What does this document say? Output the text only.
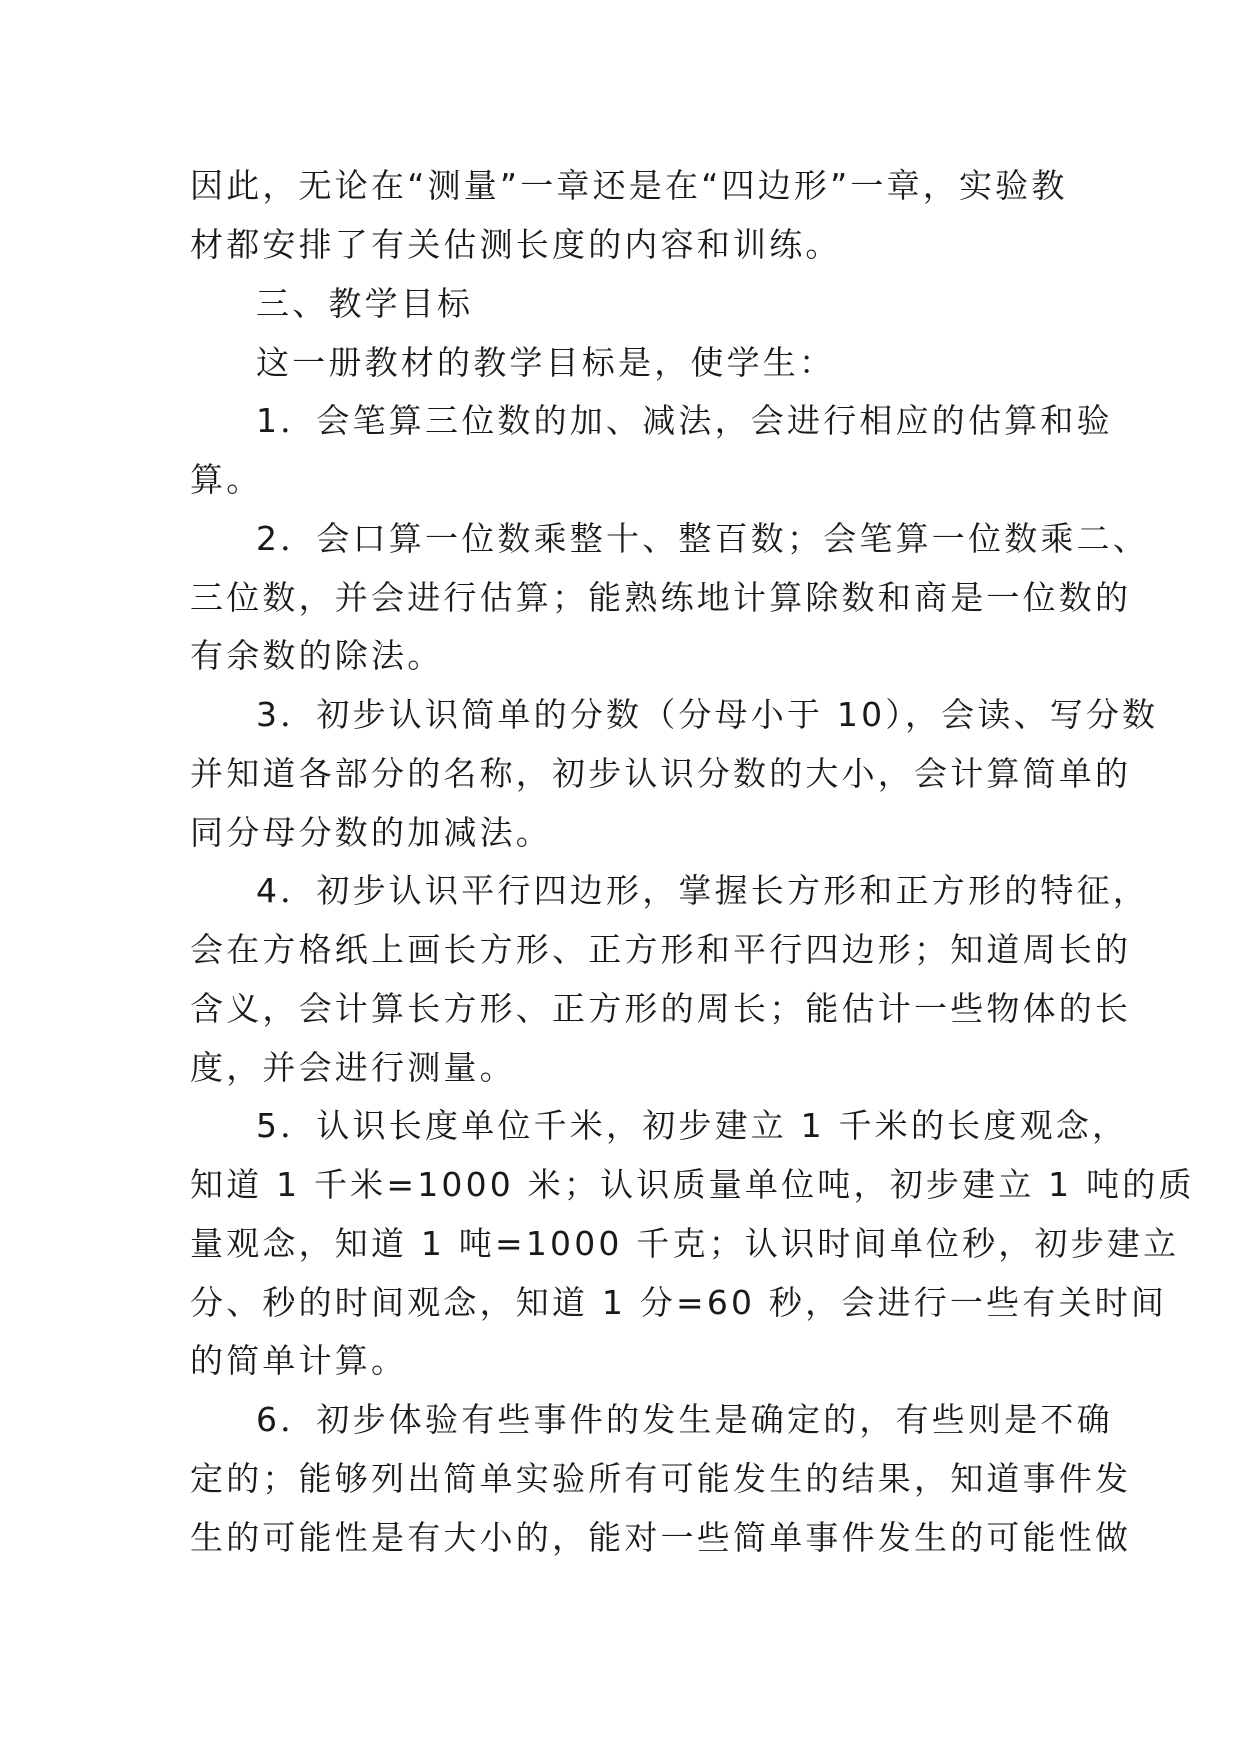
因此，无论在“测量”一章还是在“四边形”一章，实验教
材都安排了有关估测长度的内容和训练。
三、教学目标
这一册教材的教学目标是，使学生：
1．会笔算三位数的加、减法，会进行相应的估算和验
算。
2．会口算一位数乘整十、整百数；会笔算一位数乘二、
三位数，并会进行估算；能熟练地计算除数和商是一位数的
有余数的除法。
3．初步认识简单的分数（分母小于 10），会读、写分数
并知道各部分的名称，初步认识分数的大小，会计算简单的
同分母分数的加减法。
4．初步认识平行四边形，掌握长方形和正方形的特征，
会在方格纸上画长方形、正方形和平行四边形；知道周长的
含义，会计算长方形、正方形的周长；能估计一些物体的长
度，并会进行测量。
5．认识长度单位千米，初步建立 1 千米的长度观念，
知道 1 千米=1000 米；认识质量单位吨，初步建立 1 吨的质
量观念，知道 1 吨=1000 千克；认识时间单位秒，初步建立
分、秒的时间观念，知道 1 分=60 秒，会进行一些有关时间
的简单计算。
6．初步体验有些事件的发生是确定的，有些则是不确
定的；能够列出简单实验所有可能发生的结果，知道事件发
生的可能性是有大小的，能对一些简单事件发生的可能性做
